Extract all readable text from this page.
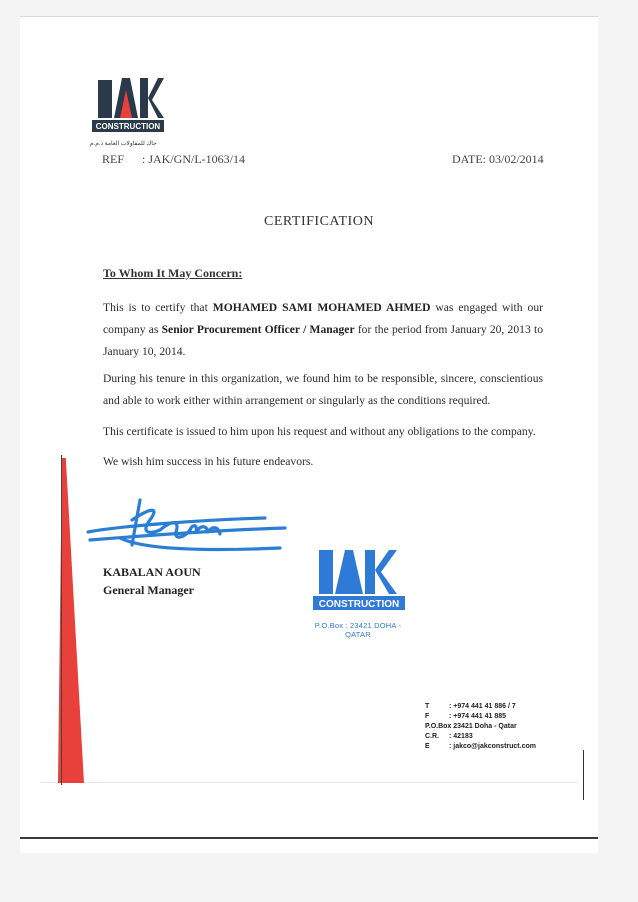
CONSTRUCTION
JAK
جاك للمقاولات العامة ذ.م.م
REF : JAK/GN/L-1063/14	DATE: 03/02/2014
CERTIFICATION
To Whom It May Concern:
This is to certify that MOHAMED SAMI MOHAMED AHMED was engaged with our company as Senior Procurement Officer / Manager for the period from January 20, 2013 to January 10, 2014.
During his tenure in this organization, we found him to be responsible, sincere, conscientious and able to work either within arrangement or singularly as the conditions required.
This certificate is issued to him upon his request and without any obligations to the company.
We wish him success in his future endeavors.
KABALAN AOUN
General Manager
CONSTRUCTION
JAK
P.O.Box : 23421 DOHA - QATAR
T	: +974 441 41 886 / 7
F	: +974 441 41 885
P.O.Box: 23421 Doha - Qatar
C.R. : 42183
E	: jakco@jakconstruct.com
